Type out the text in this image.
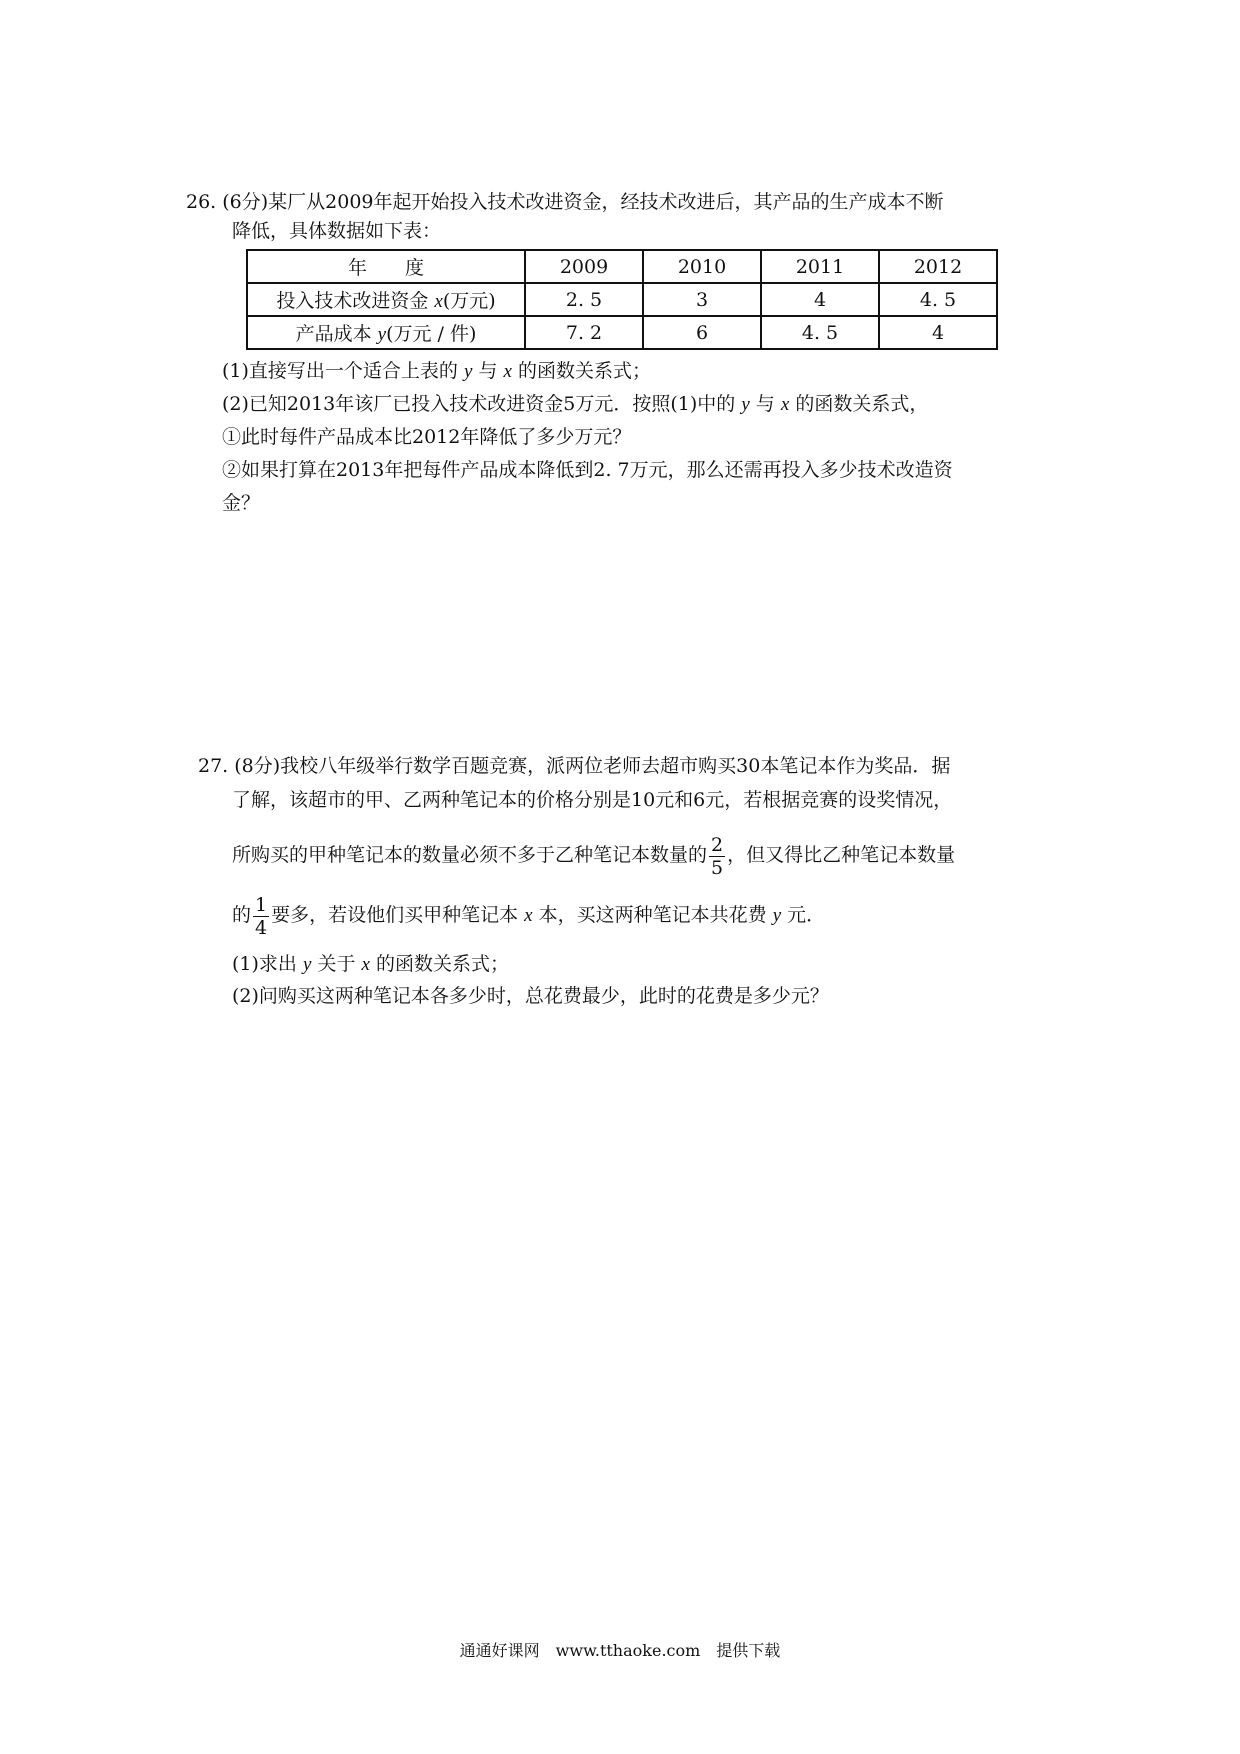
26. (6分)某厂从2009年起开始投入技术改进资金，经技术改进后，其产品的生产成本不断
降低，具体数据如下表：
年　　度	2009	2010	2011	2012
投入技术改进资金 x(万元)	2. 5	3	4	4. 5
产品成本 y(万元 / 件)	7. 2	6	4. 5	4
(1)直接写出一个适合上表的 y 与 x 的函数关系式；
(2)已知2013年该厂已投入技术改进资金5万元．按照(1)中的 y 与 x 的函数关系式，
①此时每件产品成本比2012年降低了多少万元？
②如果打算在2013年把每件产品成本降低到2. 7万元，那么还需再投入多少技术改造资
金？
27. (8分)我校八年级举行数学百题竞赛，派两位老师去超市购买30本笔记本作为奖品．据
了解，该超市的甲、乙两种笔记本的价格分别是10元和6元，若根据竞赛的设奖情况，
所购买的甲种笔记本的数量必须不多于乙种笔记本数量的 $\frac{2}{5}$ ，但又得比乙种笔记本数量
的 $\frac{1}{4}$ 要多，若设他们买甲种笔记本 x 本，买这两种笔记本共花费 y 元．
(1)求出 y 关于 x 的函数关系式；
(2)问购买这两种笔记本各多少时，总花费最少，此时的花费是多少元？
通通好课网　www.tthaoke.com　提供下载
